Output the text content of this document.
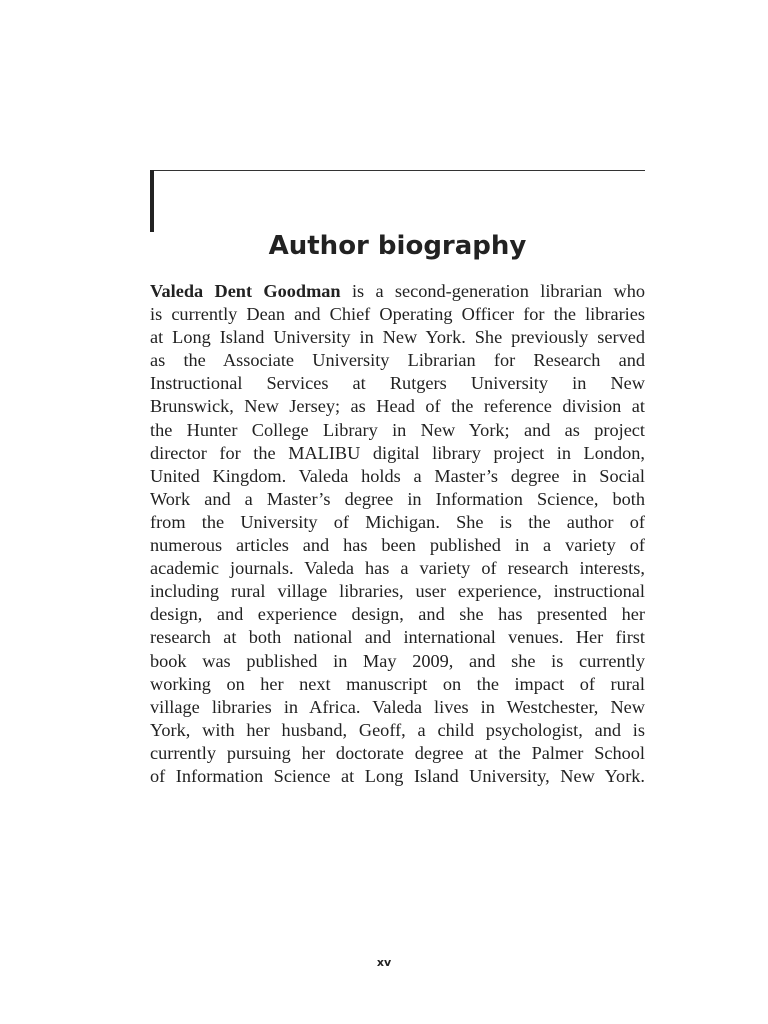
Author biography
Valeda Dent Goodman is a second-generation librarian who
is currently Dean and Chief Operating Officer for the libraries
at Long Island University in New York. She previously served
as the Associate University Librarian for Research and
Instructional Services at Rutgers University in New
Brunswick, New Jersey; as Head of the reference division at
the Hunter College Library in New York; and as project
director for the MALIBU digital library project in London,
United Kingdom. Valeda holds a Master’s degree in Social
Work and a Master’s degree in Information Science, both
from the University of Michigan. She is the author of
numerous articles and has been published in a variety of
academic journals. Valeda has a variety of research interests,
including rural village libraries, user experience, instructional
design, and experience design, and she has presented her
research at both national and international venues. Her first
book was published in May 2009, and she is currently
working on her next manuscript on the impact of rural
village libraries in Africa. Valeda lives in Westchester, New
York, with her husband, Geoff, a child psychologist, and is
currently pursuing her doctorate degree at the Palmer School
of Information Science at Long Island University, New York.
xv
